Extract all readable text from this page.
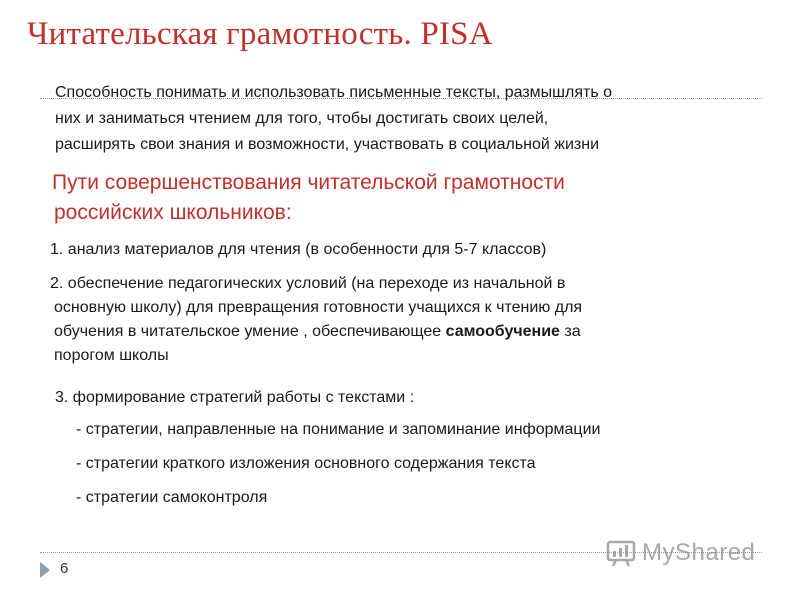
Читательская грамотность. PISA
Способность понимать и использовать письменные тексты, размышлять о
них и заниматься чтением для того, чтобы достигать своих целей,
расширять свои знания и возможности, участвовать в социальной жизни
Пути совершенствования читательской грамотности
российских школьников:
1. анализ материалов для чтения (в особенности для 5-7 классов)
2. обеспечение педагогических условий (на переходе из начальной в
основную школу) для превращения готовности учащихся к чтению для
обучения в читательское умение , обеспечивающее самообучение за
порогом школы
3. формирование стратегий работы с текстами :
- стратегии, направленные на понимание и запоминание информации
- стратегии краткого изложения основного содержания текста
- стратегии самоконтроля
6
MyShared
